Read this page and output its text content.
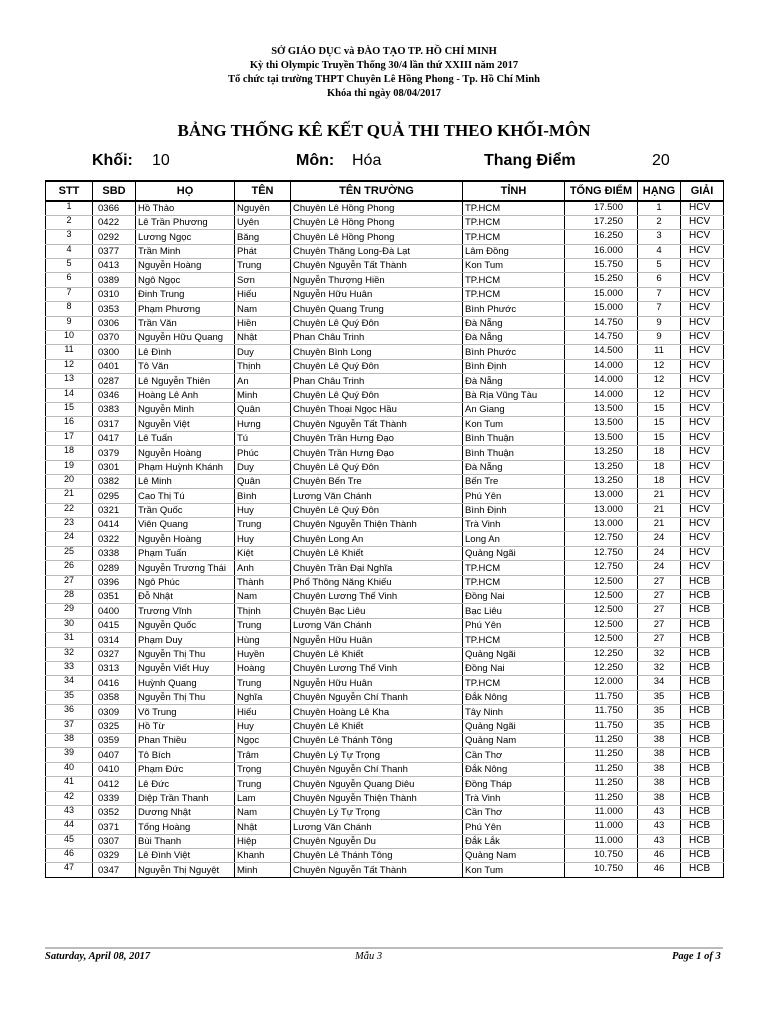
SỞ GIÁO DỤC và ĐÀO TẠO TP. HỒ CHÍ MINH
Kỳ thi Olympic Truyền Thống 30/4 lần thứ XXIII năm 2017
Tổ chức tại trường THPT Chuyên Lê Hồng Phong - Tp. Hồ Chí Minh
Khóa thi ngày 08/04/2017
BẢNG THỐNG KÊ KẾT QUẢ THI THEO KHỐI-MÔN
Khối: 10	Môn: Hóa	Thang Điểm	20
STT	SBD	HỌ	TÊN	TÊN TRƯỜNG	TỈNH	TỔNG ĐIỂM	HẠNG	GIẢI
1	0366	Hồ Thảo	Nguyên	Chuyên Lê Hồng Phong	TP.HCM	17.500	1	HCV
2	0422	Lê Trần Phương	Uyên	Chuyên Lê Hồng Phong	TP.HCM	17.250	2	HCV
3	0292	Lương Ngọc	Băng	Chuyên Lê Hồng Phong	TP.HCM	16.250	3	HCV
4	0377	Trần Minh	Phát	Chuyên Thăng Long-Đà Lạt	Lâm Đồng	16.000	4	HCV
5	0413	Nguyễn Hoàng	Trung	Chuyên Nguyễn Tất Thành	Kon Tum	15.750	5	HCV
6	0389	Ngô Ngọc	Sơn	Nguyễn Thượng Hiền	TP.HCM	15.250	6	HCV
7	0310	Đinh Trung	Hiếu	Nguyễn Hữu Huân	TP.HCM	15.000	7	HCV
8	0353	Phạm Phương	Nam	Chuyên Quang Trung	Bình Phước	15.000	7	HCV
9	0306	Trần Văn	Hiền	Chuyên Lê Quý Đôn	Đà Nẵng	14.750	9	HCV
10	0370	Nguyễn Hữu Quang	Nhật	Phan Châu Trinh	Đà Nẵng	14.750	9	HCV
11	0300	Lê Đình	Duy	Chuyên Bình Long	Bình Phước	14.500	11	HCV
12	0401	Tô Văn	Thịnh	Chuyên Lê Quý Đôn	Bình Định	14.000	12	HCV
13	0287	Lê Nguyễn Thiên	An	Phan Châu Trinh	Đà Nẵng	14.000	12	HCV
14	0346	Hoàng Lê Anh	Minh	Chuyên Lê Quý Đôn	Bà Rịa Vũng Tàu	14.000	12	HCV
15	0383	Nguyễn Minh	Quân	Chuyên Thoại Ngọc Hầu	An Giang	13.500	15	HCV
16	0317	Nguyễn Việt	Hưng	Chuyên Nguyễn Tất Thành	Kon Tum	13.500	15	HCV
17	0417	Lê Tuấn	Tú	Chuyên Trần Hưng Đạo	Bình Thuận	13.500	15	HCV
18	0379	Nguyễn Hoàng	Phúc	Chuyên Trần Hưng Đạo	Bình Thuận	13.250	18	HCV
19	0301	Phạm Huỳnh Khánh	Duy	Chuyên Lê Quý Đôn	Đà Nẵng	13.250	18	HCV
20	0382	Lê Minh	Quân	Chuyên Bến Tre	Bến Tre	13.250	18	HCV
21	0295	Cao Thị Tú	Bình	Lương Văn Chánh	Phú Yên	13.000	21	HCV
22	0321	Trần Quốc	Huy	Chuyên Lê Quý Đôn	Bình Định	13.000	21	HCV
23	0414	Viên Quang	Trung	Chuyên Nguyễn Thiện Thành	Trà Vinh	13.000	21	HCV
24	0322	Nguyễn Hoàng	Huy	Chuyên Long An	Long An	12.750	24	HCV
25	0338	Phạm Tuấn	Kiệt	Chuyên Lê Khiết	Quảng Ngãi	12.750	24	HCV
26	0289	Nguyễn Trương Thái	Anh	Chuyên Trần Đại Nghĩa	TP.HCM	12.750	24	HCV
27	0396	Ngô Phúc	Thành	Phổ Thông Năng Khiếu	TP.HCM	12.500	27	HCB
28	0351	Đỗ Nhật	Nam	Chuyên Lương Thế Vinh	Đồng Nai	12.500	27	HCB
29	0400	Trương Vĩnh	Thịnh	Chuyên Bạc Liêu	Bạc Liêu	12.500	27	HCB
30	0415	Nguyễn Quốc	Trung	Lương Văn Chánh	Phú Yên	12.500	27	HCB
31	0314	Phạm Duy	Hùng	Nguyễn Hữu Huân	TP.HCM	12.500	27	HCB
32	0327	Nguyễn Thị Thu	Huyền	Chuyên Lê Khiết	Quảng Ngãi	12.250	32	HCB
33	0313	Nguyễn Viết Huy	Hoàng	Chuyên Lương Thế Vinh	Đồng Nai	12.250	32	HCB
34	0416	Huỳnh Quang	Trung	Nguyễn Hữu Huân	TP.HCM	12.000	34	HCB
35	0358	Nguyễn Thị Thu	Nghĩa	Chuyên Nguyễn Chí Thanh	Đắk Nông	11.750	35	HCB
36	0309	Võ Trung	Hiếu	Chuyên Hoàng Lê Kha	Tây Ninh	11.750	35	HCB
37	0325	Hồ Từ	Huy	Chuyên Lê Khiết	Quảng Ngãi	11.750	35	HCB
38	0359	Phan Thiều	Ngọc	Chuyên Lê Thánh Tông	Quảng Nam	11.250	38	HCB
39	0407	Tô Bích	Trâm	Chuyên Lý Tự Trọng	Cần Thơ	11.250	38	HCB
40	0410	Phạm Đức	Trọng	Chuyên Nguyễn Chí Thanh	Đắk Nông	11.250	38	HCB
41	0412	Lê Đức	Trung	Chuyên Nguyễn Quang Diêu	Đồng Tháp	11.250	38	HCB
42	0339	Diệp Trần Thanh	Lam	Chuyên Nguyễn Thiện Thành	Trà Vinh	11.250	38	HCB
43	0352	Dương Nhật	Nam	Chuyên Lý Tự Trọng	Cần Thơ	11.000	43	HCB
44	0371	Tống Hoàng	Nhật	Lương Văn Chánh	Phú Yên	11.000	43	HCB
45	0307	Bùi Thanh	Hiệp	Chuyên Nguyễn Du	Đắk Lắk	11.000	43	HCB
46	0329	Lê Đình Việt	Khanh	Chuyên Lê Thánh Tông	Quảng Nam	10.750	46	HCB
47	0347	Nguyễn Thị Nguyệt	Minh	Chuyên Nguyễn Tất Thành	Kon Tum	10.750	46	HCB
Saturday, April 08, 2017	Mẫu 3	Page 1 of 3
